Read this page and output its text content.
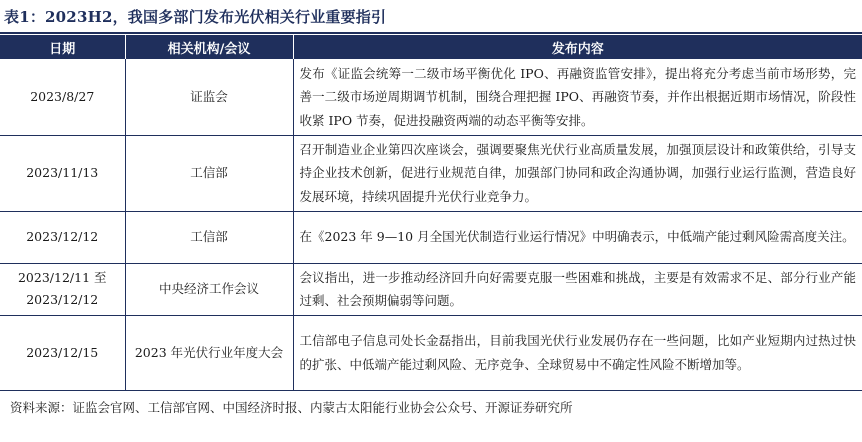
表1：2023H2，我国多部门发布光伏相关行业重要指引
日期	相关机构/会议	发布内容

2023/8/27	证监会	发布《证监会统筹一二级市场平衡优化 IPO、再融资监管安排》，提出将充分考虑当前市场形势，完善一二级市场逆周期调节机制，围绕合理把握 IPO、再融资节奏，并作出根据近期市场情况，阶段性收紧 IPO 节奏，促进投融资两端的动态平衡等安排。

2023/11/13	工信部	召开制造业企业第四次座谈会，强调要聚焦光伏行业高质量发展，加强顶层设计和政策供给，引导支持企业技术创新，促进行业规范自律，加强部门协同和政企沟通协调，加强行业运行监测，营造良好发展环境，持续巩固提升光伏行业竞争力。

2023/12/12	工信部	在《2023 年 9—10 月全国光伏制造行业运行情况》中明确表示，中低端产能过剩风险需高度关注。

2023/12/11 至
2023/12/12	中央经济工作会议	会议指出，进一步推动经济回升向好需要克服一些困难和挑战，主要是有效需求不足、部分行业产能过剩、社会预期偏弱等问题。

2023/12/15	2023 年光伏行业年度大会	工信部电子信息司处长金磊指出，目前我国光伏行业发展仍存在一些问题，比如产业短期内过热过快的扩张、中低端产能过剩风险、无序竞争、全球贸易中不确定性风险不断增加等。
资料来源：证监会官网、工信部官网、中国经济时报、内蒙古太阳能行业协会公众号、开源证券研究所
